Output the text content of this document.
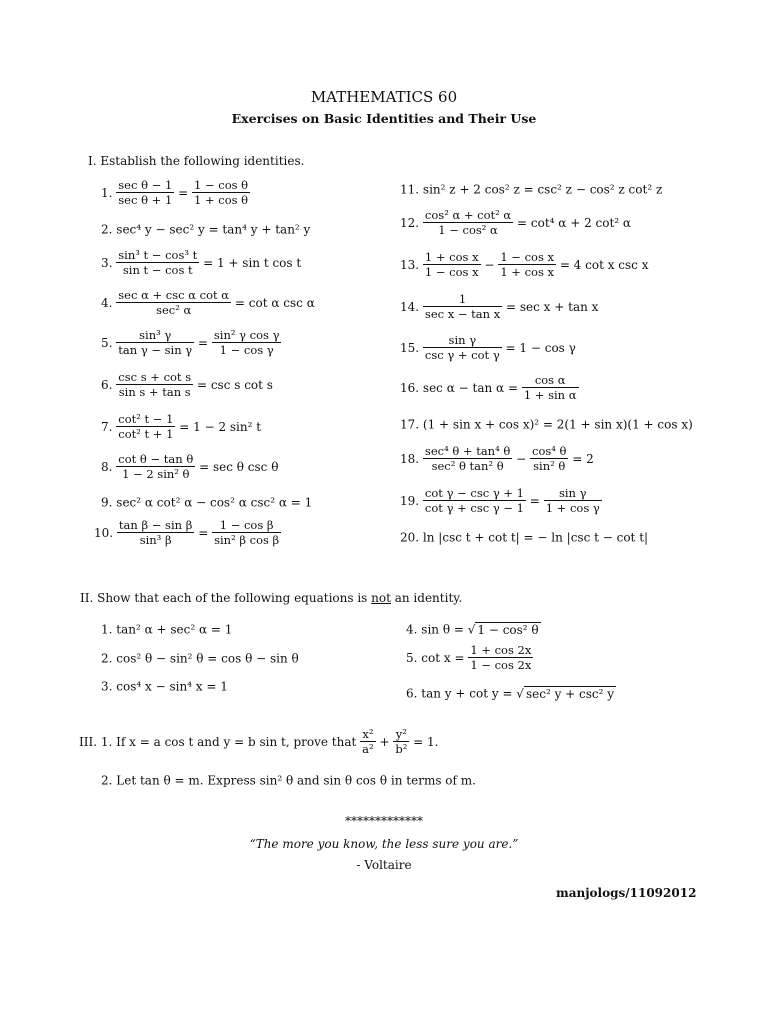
MATHEMATICS 60
Exercises on Basic Identities and Their Use
I. Establish the following identities.
1. $\frac{\text{sec θ − 1}}{\text{sec θ + 1}} = \frac{\text{1 − cos θ}}{\text{1 + cos θ}}$
2. sec⁴ y − sec² y = tan⁴ y + tan² y
3. $\frac{\text{sin³ t − cos³ t}}{\text{sin t − cos t}} = 1 + \sin t$ cos t
4. $\frac{\text{sec α + csc α cot α}}{\text{sec² α}} = \cot \alpha$ csc α
5. $\frac{\text{sin³ γ}}{\text{tan γ − sin γ}} = \frac{\text{sin² γ cos γ}}{\text{1 − cos γ}}$
6. $\frac{\text{csc s + cot s}}{\text{sin s + tan s}} = \csc s$ cot s
7. $\frac{\text{cot² t − 1}}{\text{cot² t + 1}} = 1 - 2$ sin² t
8. $\frac{\text{cot θ − tan θ}}{\text{1 − 2 sin² θ}} = \sec \theta$ csc θ
9. sec² α cot² α − cos² α csc² α = 1
10. $\frac{\text{tan β − sin β}}{\text{sin³ β}} = \frac{\text{1 − cos β}}{\text{sin² β cos β}}$
11. sin² z + 2 cos² z = csc² z − cos² z cot² z
12. $\frac{\text{cos² α + cot² α}}{\text{1 − cos² α}} = \cot^4$ α + 2 cot² α
13. $\frac{\text{1 + cos x}}{\text{1 − cos x}} - \frac{\text{1 − cos x}}{\text{1 + cos x}} = 4$ cot x csc x
14. $\frac{1}{\text{sec x − tan x}} = \sec x + \tan x$
15. $\frac{\text{sin γ}}{\text{csc γ + cot γ}} = 1 - \cos \gamma$
16. $\sec \alpha - \tan \alpha = \frac{\text{cos α}}{\text{1 + sin α}}$
17. (1 + sin x + cos x)² = 2(1 + sin x)(1 + cos x)
18. $\frac{\text{sec⁴ θ + tan⁴ θ}}{\text{sec² θ tan² θ}} - \frac{\text{cos⁴ θ}}{\text{sin² θ}} = 2$
19. $\frac{\text{cot γ − csc γ + 1}}{\text{cot γ + csc γ − 1}} = \frac{\text{sin γ}}{\text{1 + cos γ}}$
20. ln |csc t + cot t| = − ln |csc t − cot t|
II. Show that each of the following equations is not an identity.
1. tan² α + sec² α = 1
2. cos² θ − sin² θ = cos θ − sin θ
3. cos⁴ x − sin⁴ x = 1
4. sin θ = √ 1 − cos² θ
5. $\cot x = \frac{1 + \cos 2x}{1 - \cos 2x}$
6. tan y + cot y = √ sec² y + csc² y
III. 1. If x = a cos t and y = b sin t, prove that $\frac{\text{x²}}{\text{a²}} + \frac{\text{y²}}{\text{b²}} = 1$.
2. Let tan θ = m. Express sin² θ and sin θ cos θ in terms of m.
*************
“The more you know, the less sure you are.”
- Voltaire
manjologs/11092012
